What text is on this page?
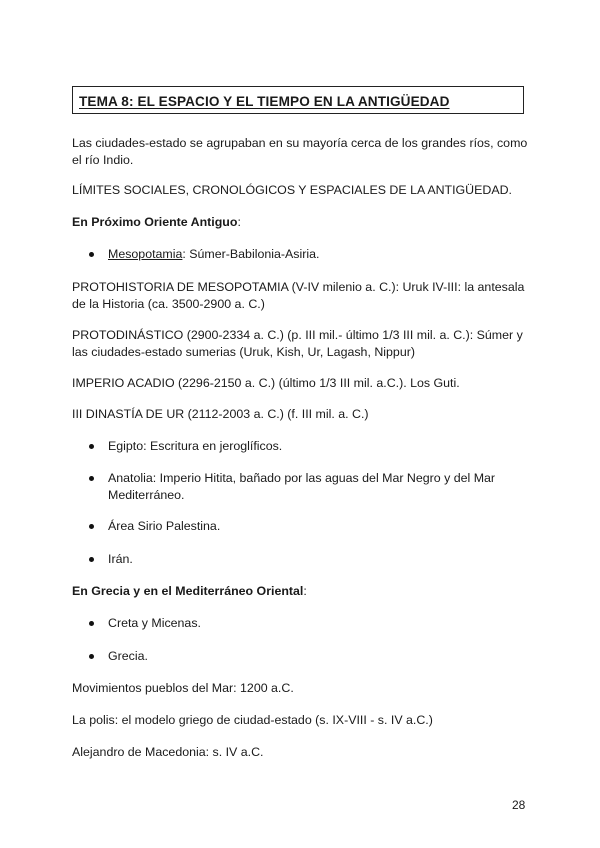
TEMA 8: EL ESPACIO Y EL TIEMPO EN LA ANTIGÜEDAD

Las ciudades-estado se agrupaban en su mayoría cerca de los grandes ríos, como el río Indio.

LÍMITES SOCIALES, CRONOLÓGICOS Y ESPACIALES DE LA ANTIGÜEDAD.

En Próximo Oriente Antiguo:

Mesopotamia: Súmer-Babilonia-Asiria.

PROTOHISTORIA DE MESOPOTAMIA (V-IV milenio a. C.): Uruk IV-III: la antesala de la Historia (ca. 3500-2900 a. C.)

PROTODINÁSTICO (2900-2334 a. C.) (p. III mil.- último 1/3 III mil. a. C.): Súmer y las ciudades-estado sumerias (Uruk, Kish, Ur, Lagash, Nippur)

IMPERIO ACADIO (2296-2150 a. C.) (último 1/3 III mil. a.C.). Los Guti.

III DINASTÍA DE UR (2112-2003 a. C.) (f. III mil. a. C.)

Egipto: Escritura en jeroglíficos.
Anatolia: Imperio Hitita, bañado por las aguas del Mar Negro y del Mar Mediterráneo.
Área Sirio Palestina.
Irán.

En Grecia y en el Mediterráneo Oriental:

Creta y Micenas.
Grecia.

Movimientos pueblos del Mar: 1200 a.C.

La polis: el modelo griego de ciudad-estado (s. IX-VIII - s. IV a.C.)

Alejandro de Macedonia: s. IV a.C.

28
